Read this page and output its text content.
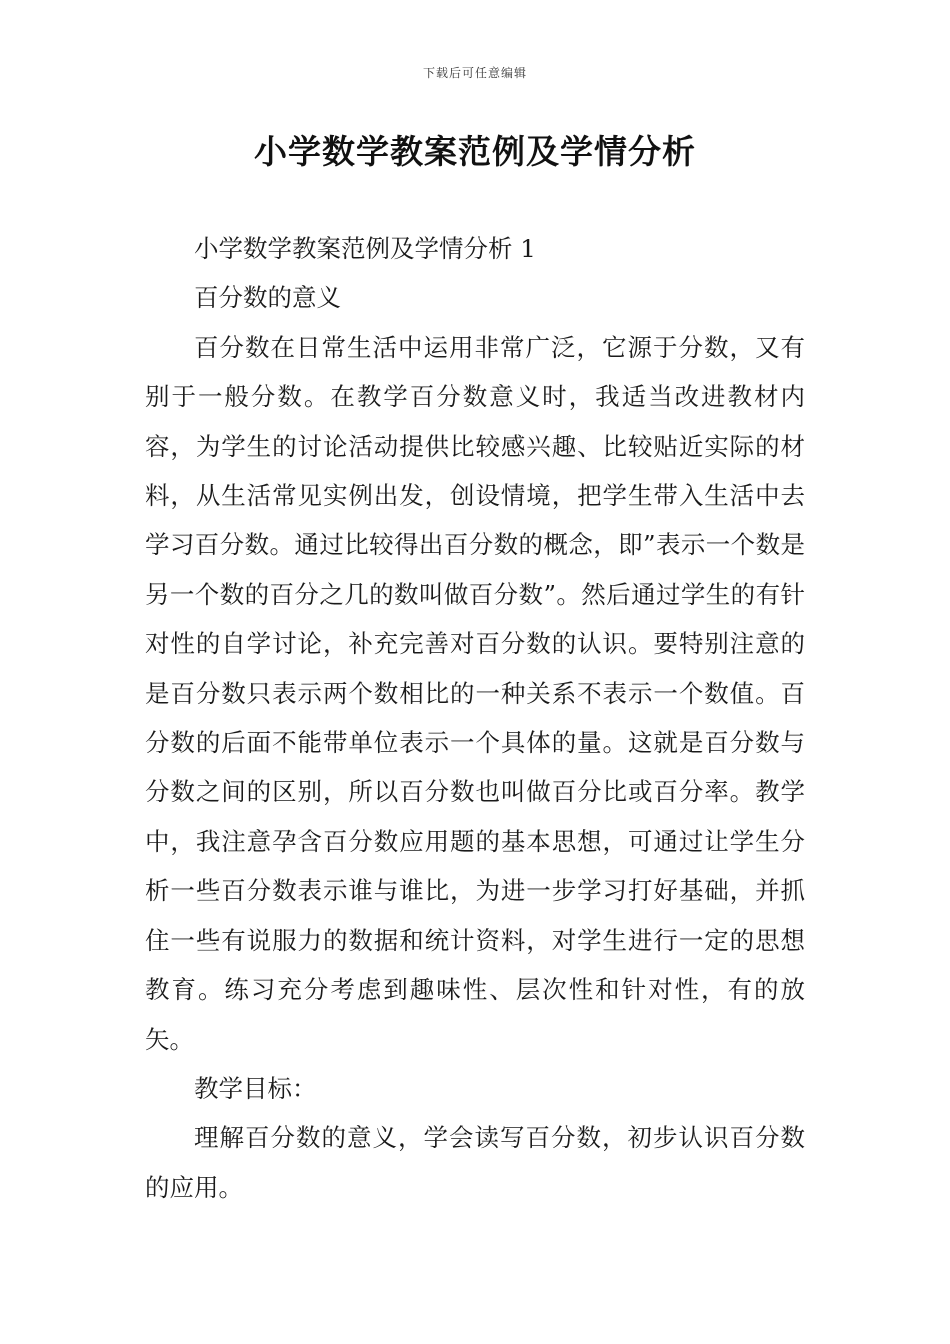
下载后可任意编辑
小学数学教案范例及学情分析

小学数学教案范例及学情分析 1

百分数的意义

百分数在日常生活中运用非常广泛，它源于分数，又有别于一般分数。在教学百分数意义时，我适当改进教材内容，为学生的讨论活动提供比较感兴趣、比较贴近实际的材料，从生活常见实例出发，创设情境，把学生带入生活中去学习百分数。通过比较得出百分数的概念，即”表示一个数是另一个数的百分之几的数叫做百分数”。然后通过学生的有针对性的自学讨论，补充完善对百分数的认识。要特别注意的是百分数只表示两个数相比的一种关系不表示一个数值。百分数的后面不能带单位表示一个具体的量。这就是百分数与分数之间的区别，所以百分数也叫做百分比或百分率。教学中，我注意孕含百分数应用题的基本思想，可通过让学生分析一些百分数表示谁与谁比，为进一步学习打好基础，并抓住一些有说服力的数据和统计资料，对学生进行一定的思想教育。练习充分考虑到趣味性、层次性和针对性，有的放矢。

教学目标：

理解百分数的意义，学会读写百分数，初步认识百分数的应用。
